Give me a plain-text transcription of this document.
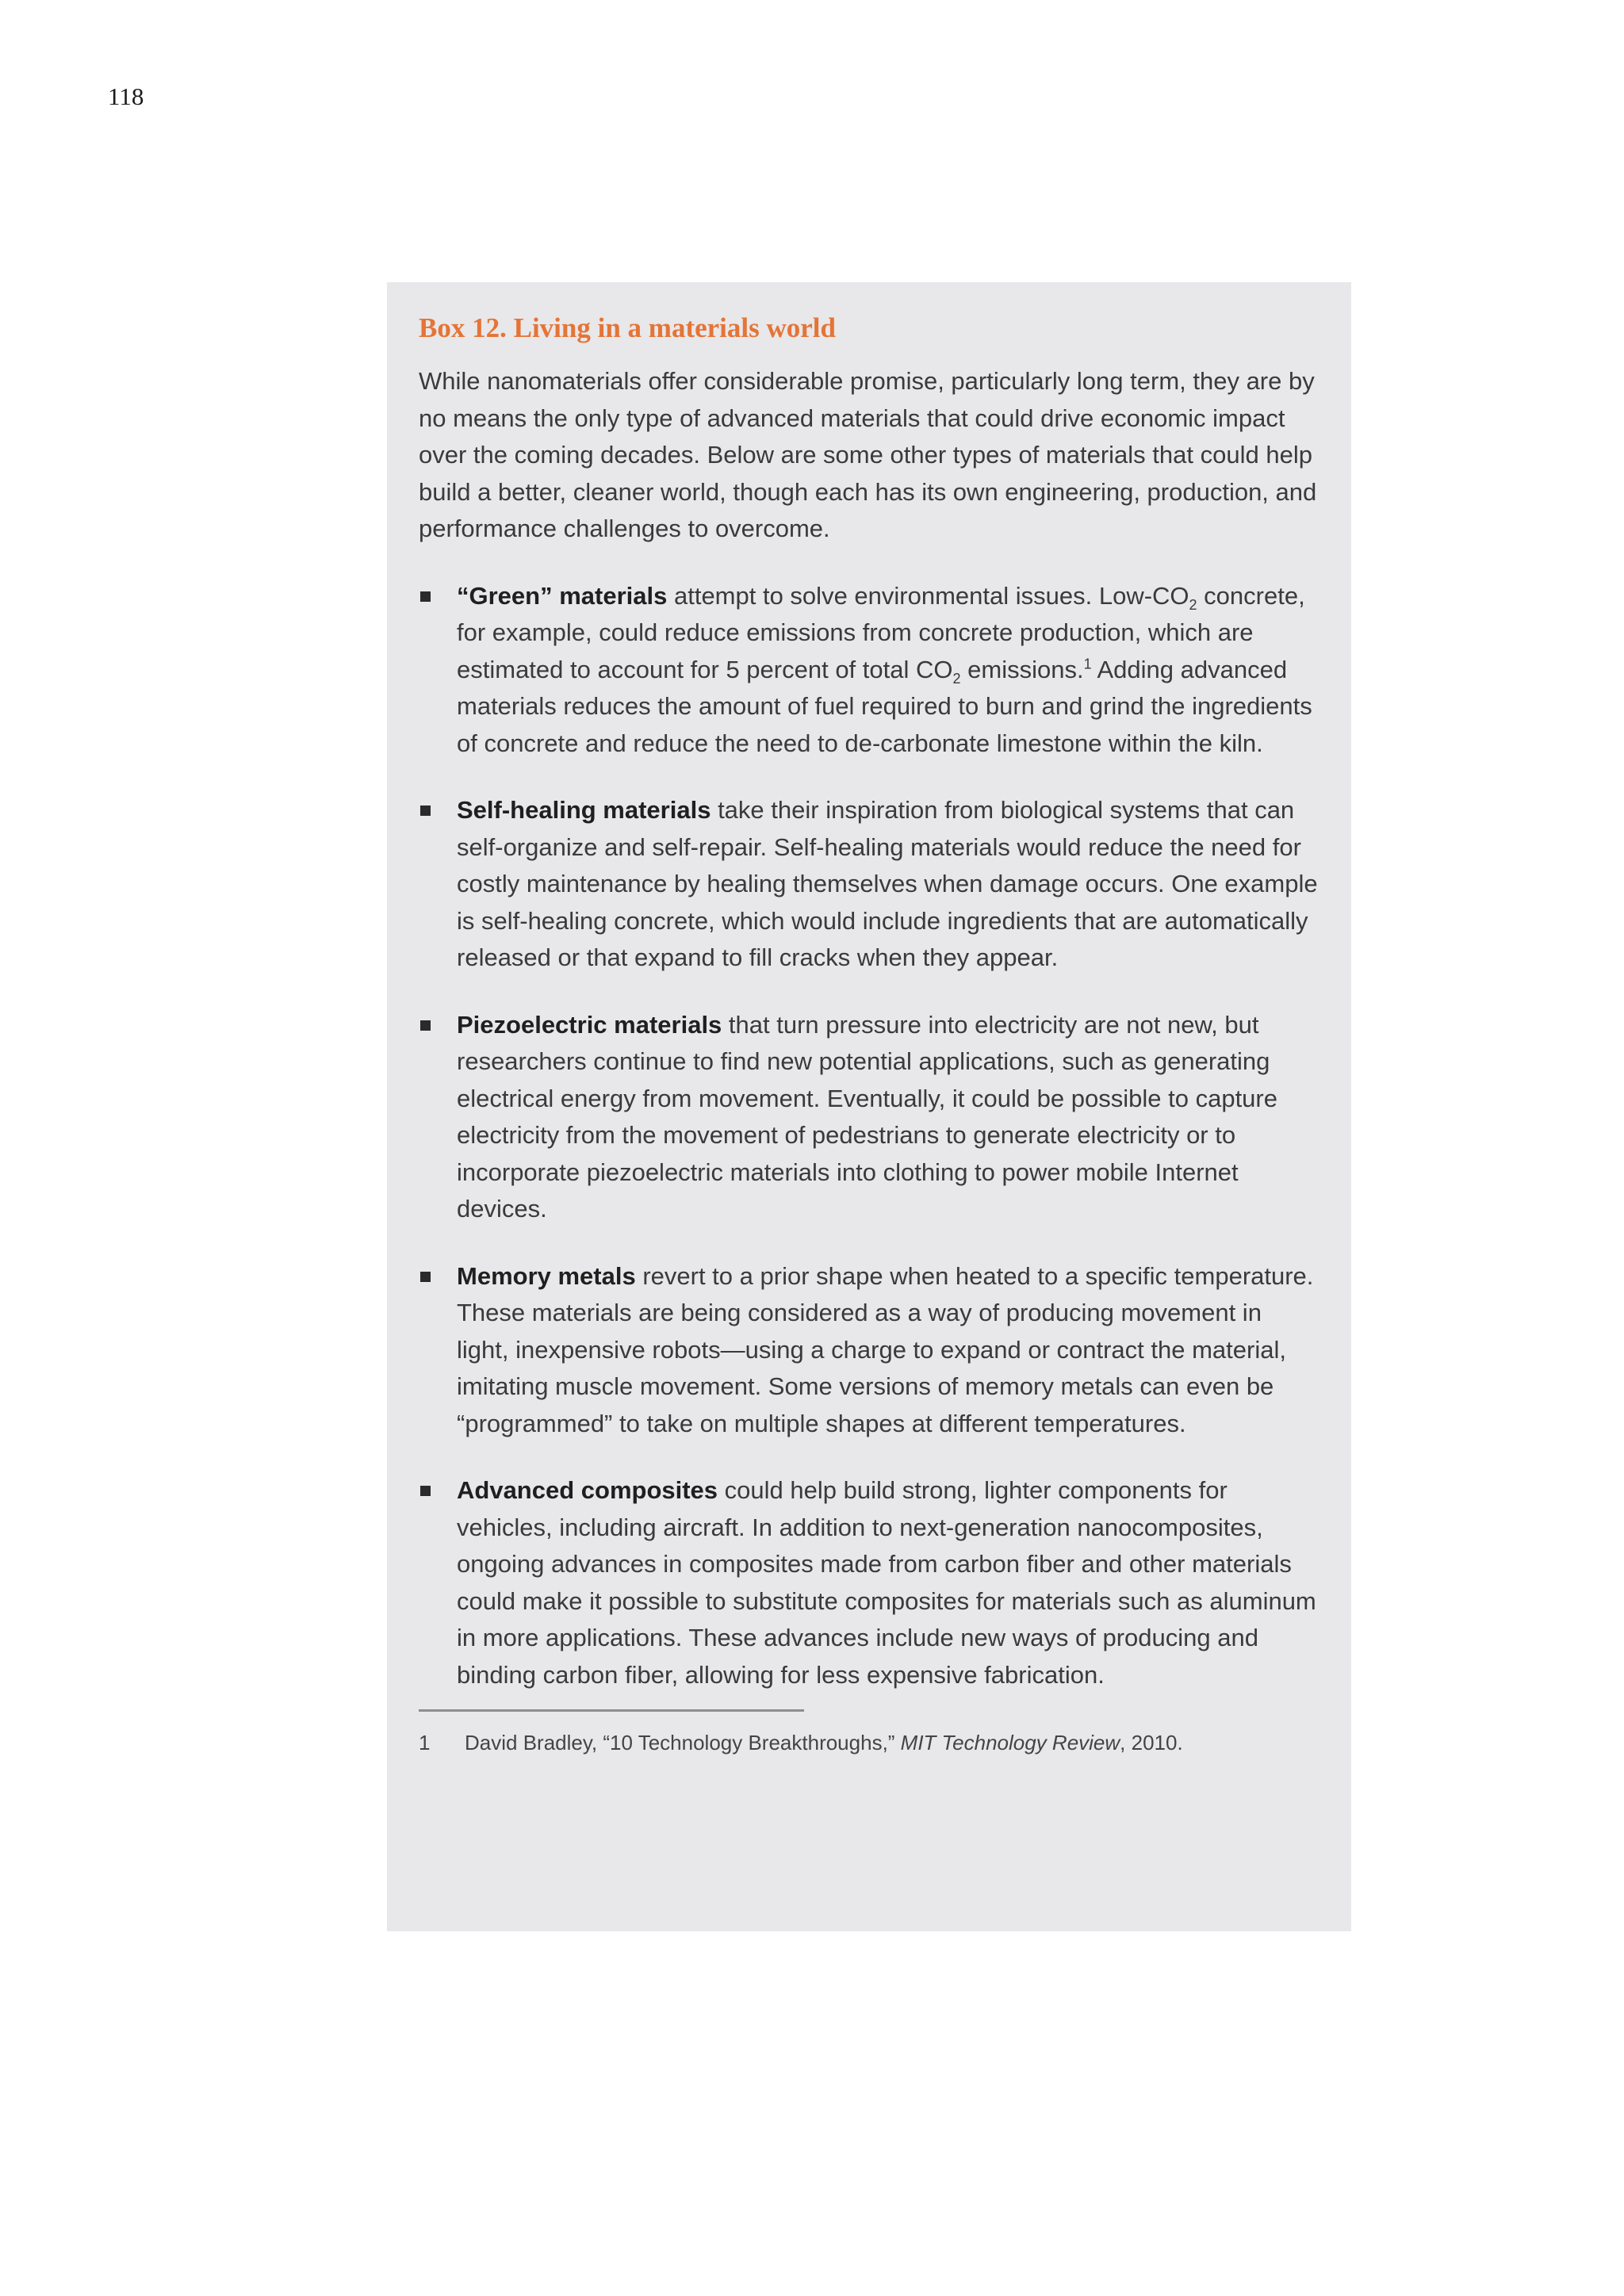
118
Box 12. Living in a materials world

While nanomaterials offer considerable promise, particularly long term, they are by no means the only type of advanced materials that could drive economic impact over the coming decades. Below are some other types of materials that could help build a better, cleaner world, though each has its own engineering, production, and performance challenges to overcome.

“Green” materials attempt to solve environmental issues. Low-$CO_2$ concrete, for example, could reduce emissions from concrete production, which are estimated to account for 5 percent of total $CO_2$ emissions.$^1$ Adding advanced materials reduces the amount of fuel required to burn and grind the ingredients of concrete and reduce the need to de-carbonate limestone within the kiln.
Self-healing materials take their inspiration from biological systems that can self-organize and self-repair. Self-healing materials would reduce the need for costly maintenance by healing themselves when damage occurs. One example is self-healing concrete, which would include ingredients that are automatically released or that expand to fill cracks when they appear.
Piezoelectric materials that turn pressure into electricity are not new, but researchers continue to find new potential applications, such as generating electrical energy from movement. Eventually, it could be possible to capture electricity from the movement of pedestrians to generate electricity or to incorporate piezoelectric materials into clothing to power mobile Internet devices.
Memory metals revert to a prior shape when heated to a specific temperature. These materials are being considered as a way of producing movement in light, inexpensive robots—using a charge to expand or contract the material, imitating muscle movement. Some versions of memory metals can even be “programmed” to take on multiple shapes at different temperatures.
Advanced composites could help build strong, lighter components for vehicles, including aircraft. In addition to next-generation nanocomposites, ongoing advances in composites made from carbon fiber and other materials could make it possible to substitute composites for materials such as aluminum in more applications. These advances include new ways of producing and binding carbon fiber, allowing for less expensive fabrication.
1	David Bradley, “10 Technology Breakthroughs,” MIT Technology Review, 2010.
